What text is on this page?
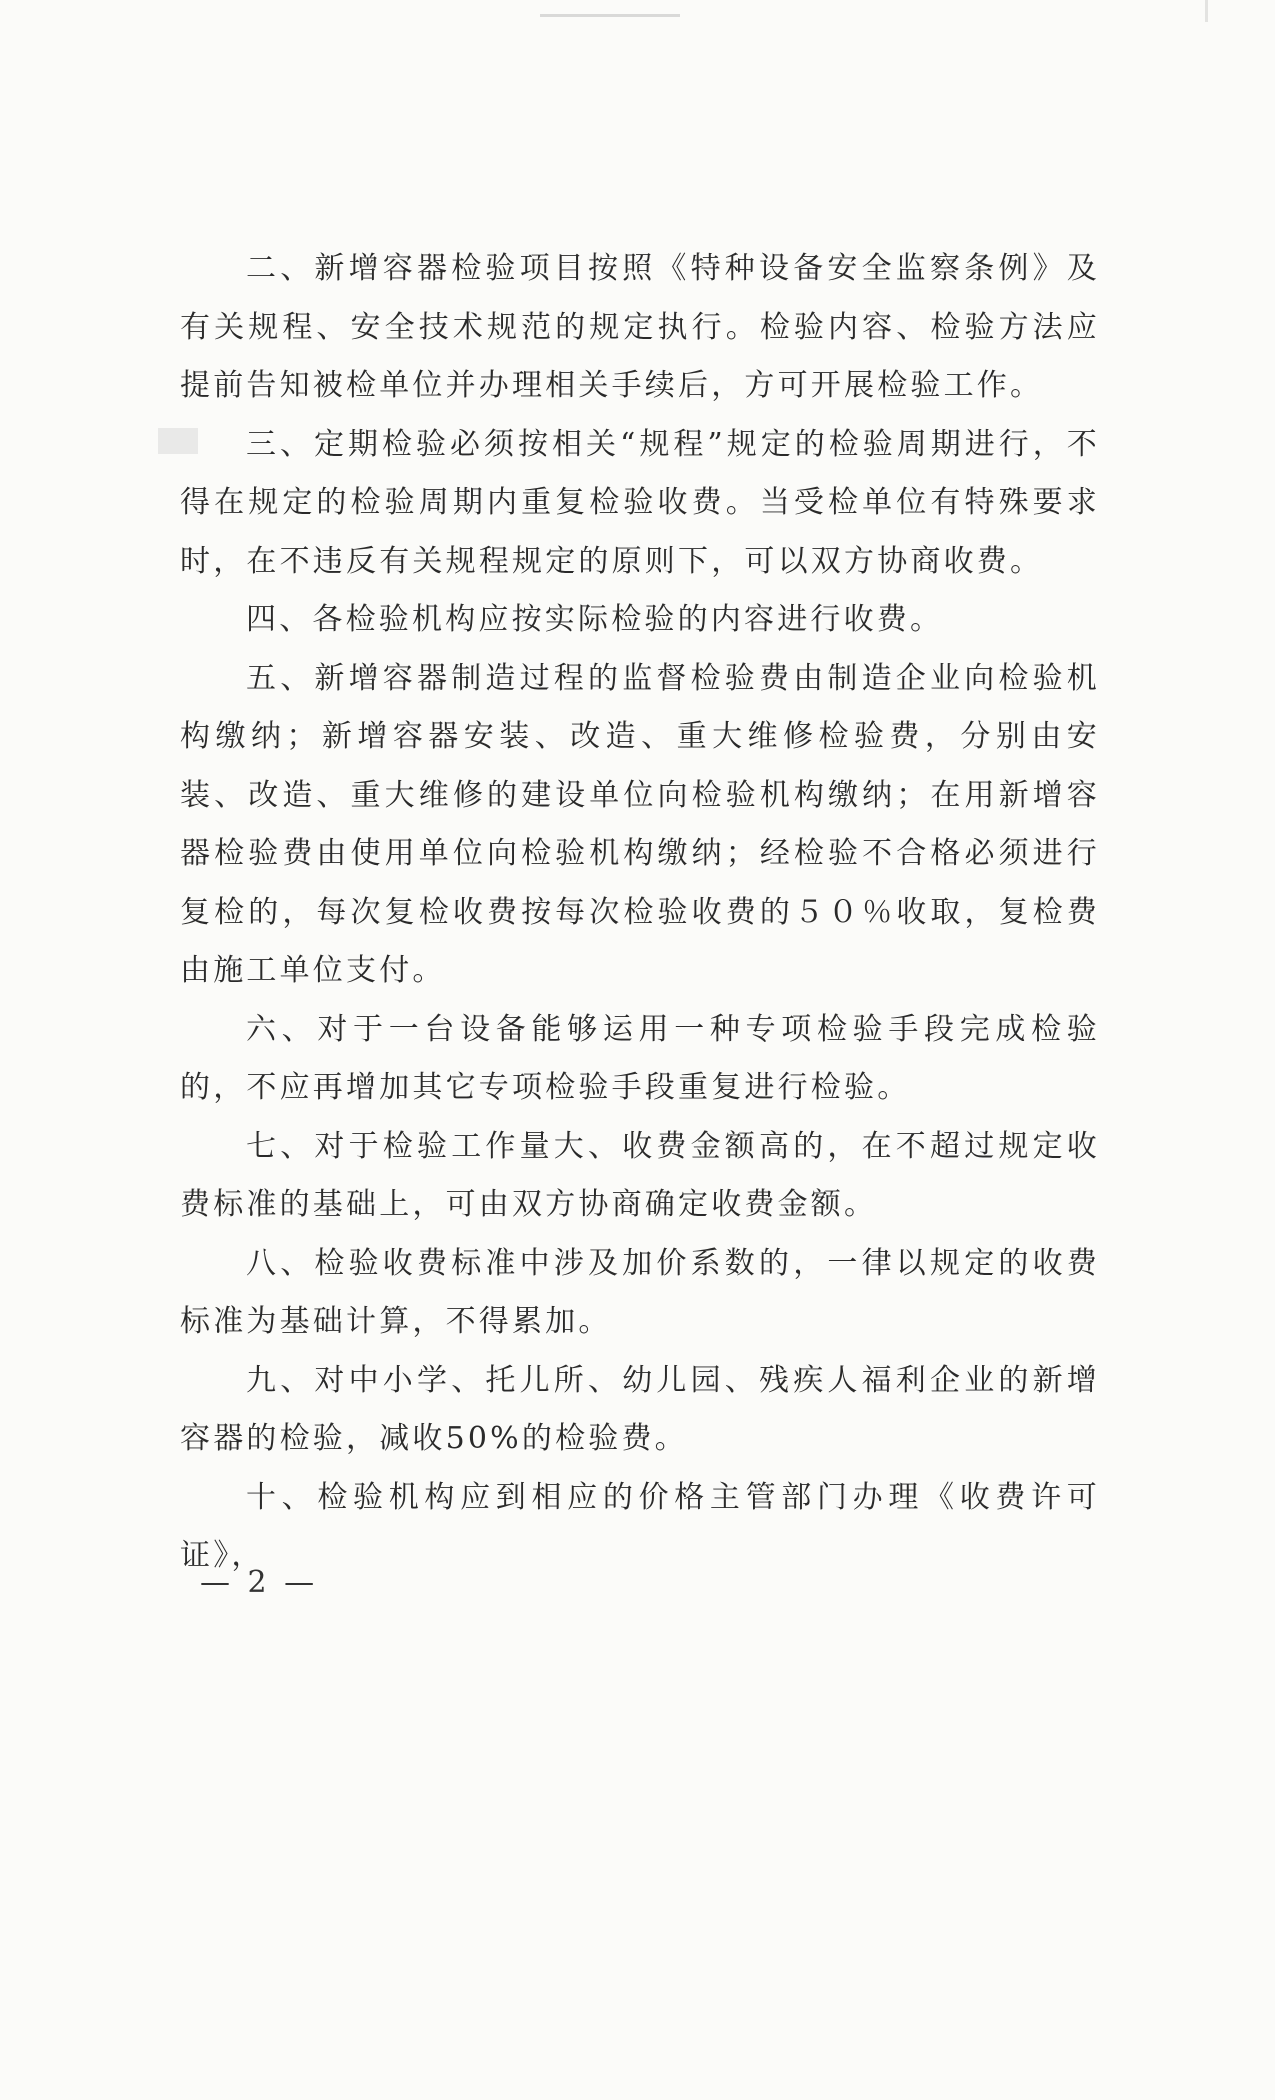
二、新增容器检验项目按照《特种设备安全监察条例》及有关规程、安全技术规范的规定执行。检验内容、检验方法应提前告知被检单位并办理相关手续后，方可开展检验工作。

三、定期检验必须按相关“规程”规定的检验周期进行，不得在规定的检验周期内重复检验收费。当受检单位有特殊要求时，在不违反有关规程规定的原则下，可以双方协商收费。

四、各检验机构应按实际检验的内容进行收费。

五、新增容器制造过程的监督检验费由制造企业向检验机构缴纳；新增容器安装、改造、重大维修检验费，分别由安装、改造、重大维修的建设单位向检验机构缴纳；在用新增容器检验费由使用单位向检验机构缴纳；经检验不合格必须进行复检的，每次复检收费按每次检验收费的５０％收取，复检费由施工单位支付。

六、对于一台设备能够运用一种专项检验手段完成检验的，不应再增加其它专项检验手段重复进行检验。

七、对于检验工作量大、收费金额高的，在不超过规定收费标准的基础上，可由双方协商确定收费金额。

八、检验收费标准中涉及加价系数的，一律以规定的收费标准为基础计算，不得累加。

九、对中小学、托儿所、幼儿园、残疾人福利企业的新增容器的检验，减收50%的检验费。

十、检验机构应到相应的价格主管部门办理《收费许可证》，

— 2 —
